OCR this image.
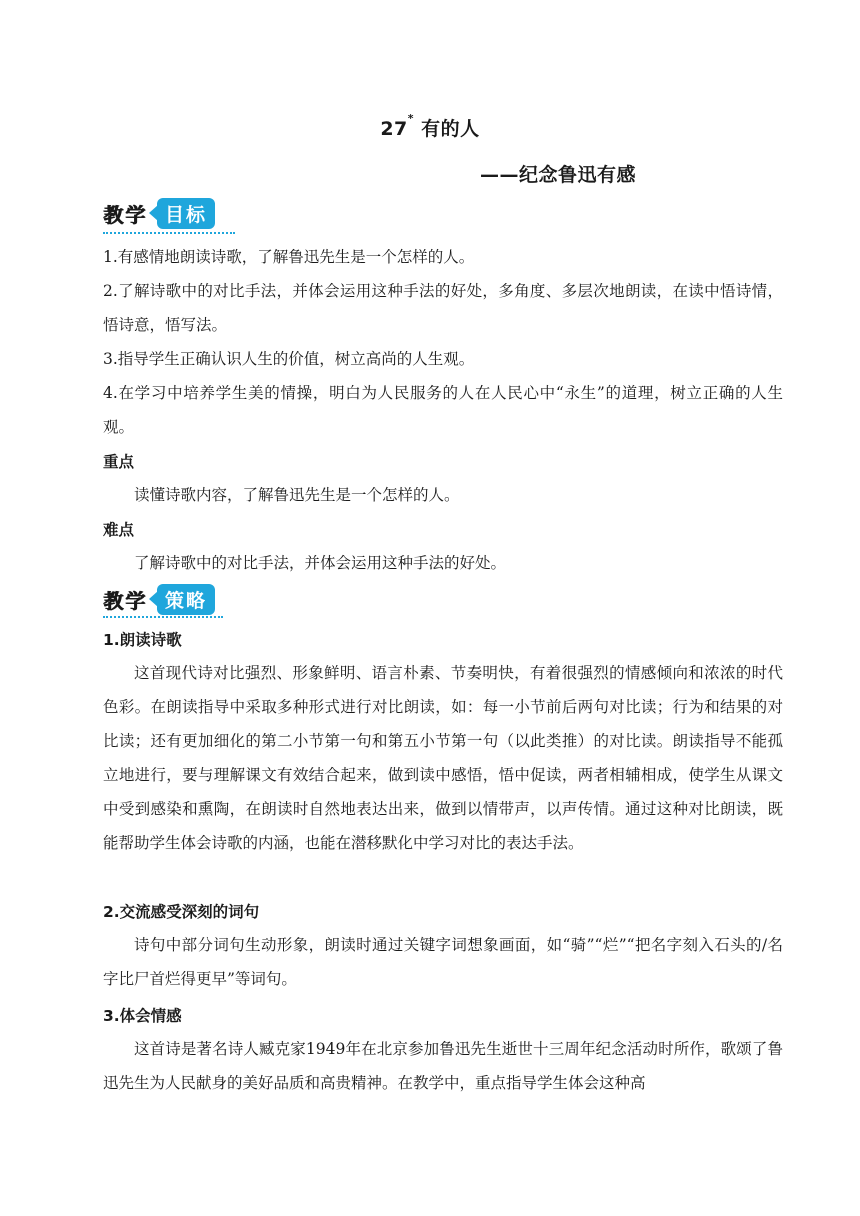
27* 有的人
——纪念鲁迅有感
教学 目标
1.有感情地朗读诗歌，了解鲁迅先生是一个怎样的人。
2.了解诗歌中的对比手法，并体会运用这种手法的好处，多角度、多层次地朗读，在读中悟诗情，悟诗意，悟写法。
3.指导学生正确认识人生的价值，树立高尚的人生观。
4.在学习中培养学生美的情操，明白为人民服务的人在人民心中“永生”的道理，树立正确的人生观。
重点
读懂诗歌内容，了解鲁迅先生是一个怎样的人。
难点
了解诗歌中的对比手法，并体会运用这种手法的好处。
教学 策略
1.朗读诗歌
这首现代诗对比强烈、形象鲜明、语言朴素、节奏明快，有着很强烈的情感倾向和浓浓的时代色彩。在朗读指导中采取多种形式进行对比朗读，如：每一小节前后两句对比读；行为和结果的对比读；还有更加细化的第二小节第一句和第五小节第一句（以此类推）的对比读。朗读指导不能孤立地进行，要与理解课文有效结合起来，做到读中感悟，悟中促读，两者相辅相成，使学生从课文中受到感染和熏陶，在朗读时自然地表达出来，做到以情带声，以声传情。通过这种对比朗读，既能帮助学生体会诗歌的内涵，也能在潜移默化中学习对比的表达手法。
2.交流感受深刻的词句
诗句中部分词句生动形象，朗读时通过关键字词想象画面，如“骑”“烂”“把名字刻入石头的/名字比尸首烂得更早”等词句。
3.体会情感
这首诗是著名诗人臧克家1949年在北京参加鲁迅先生逝世十三周年纪念活动时所作，歌颂了鲁迅先生为人民献身的美好品质和高贵精神。在教学中，重点指导学生体会这种高
